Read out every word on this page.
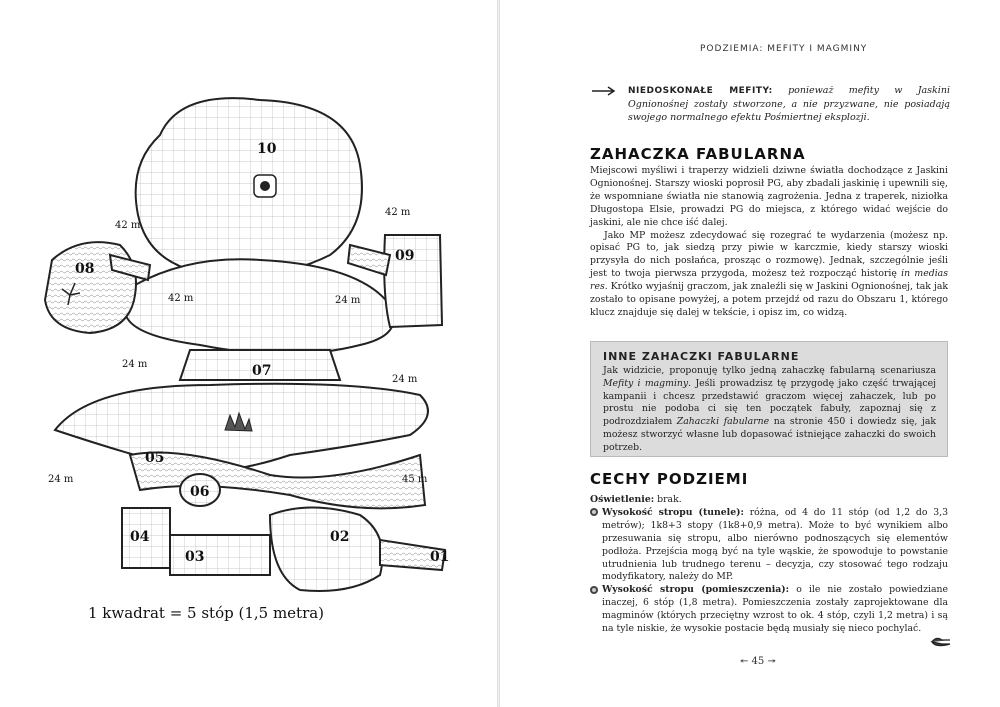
10
09
08
07
06
05
04
03
02
01
42 m
42 m
42 m	24 m
24 m
24 m
24 m	45 m
1 kwadrat = 5 stóp (1,5 metra)
PODZIEMIA: MEFITY I MAGMINY
NIEDOSKONAŁE MEFITY: ponieważ mefity w Jaskini Ognionośnej zostały stworzone, a nie przyzwane, nie posiadają swojego normalnego efektu Pośmiertnej eksplozji.
ZAHACZKA FABULARNA

Miejscowi myśliwi i traperzy widzieli dziwne światła dochodzące z Jaskini Ognionośnej. Starszy wioski poprosił PG, aby zbadali jaskinię i upewnili się, że wspomniane światła nie stanowią zagrożenia. Jedna z traperek, niziołka Długostopa Elsie, prowadzi PG do miejsca, z którego widać wejście do jaskini, ale nie chce iść dalej.

Jako MP możesz zdecydować się rozegrać te wydarzenia (możesz np. opisać PG to, jak siedzą przy piwie w karczmie, kiedy starszy wioski przysyła do nich posłańca, prosząc o rozmowę). Jednak, szczególnie jeśli jest to twoja pierwsza przygoda, możesz też rozpocząć historię in medias res. Krótko wyjaśnij graczom, jak znaleźli się w Jaskini Ognionośnej, tak jak zostało to opisane powyżej, a potem przejdź od razu do Obszaru 1, którego klucz znajduje się dalej w tekście, i opisz im, co widzą.

INNE ZAHACZKI FABULARNE
Jak widzicie, proponuję tylko jedną zahaczkę fabularną scenariusza Mefity i magminy. Jeśli prowadzisz tę przygodę jako część trwającej kampanii i chcesz przedstawić graczom więcej zahaczek, lub po prostu nie podoba ci się ten początek fabuły, zapoznaj się z podrozdziałem Zahaczki fabularne na stronie 450 i dowiedz się, jak możesz stworzyć własne lub dopasować istniejące zahaczki do swoich potrzeb.
CECHY PODZIEMI

Oświetlenie: brak.

Wysokość stropu (tunele): różna, od 4 do 11 stóp (od 1,2 do 3,3 metrów); 1k8+3 stopy (1k8+0,9 metra). Może to być wynikiem albo przesuwania się stropu, albo nierówno podnoszących się elementów podłoża. Przejścia mogą być na tyle wąskie, że spowoduje to powstanie utrudnienia lub trudnego terenu – decyzja, czy stosować tego rodzaju modyfikatory, należy do MP.

Wysokość stropu (pomieszczenia): o ile nie zostało powiedziane inaczej, 6 stóp (1,8 metra). Pomieszczenia zostały zaprojektowane dla magminów (których przeciętny wzrost to ok. 4 stóp, czyli 1,2 metra) i są na tyle niskie, że wysokie postacie będą musiały się nieco pochylać.

↞ 45 ↠
